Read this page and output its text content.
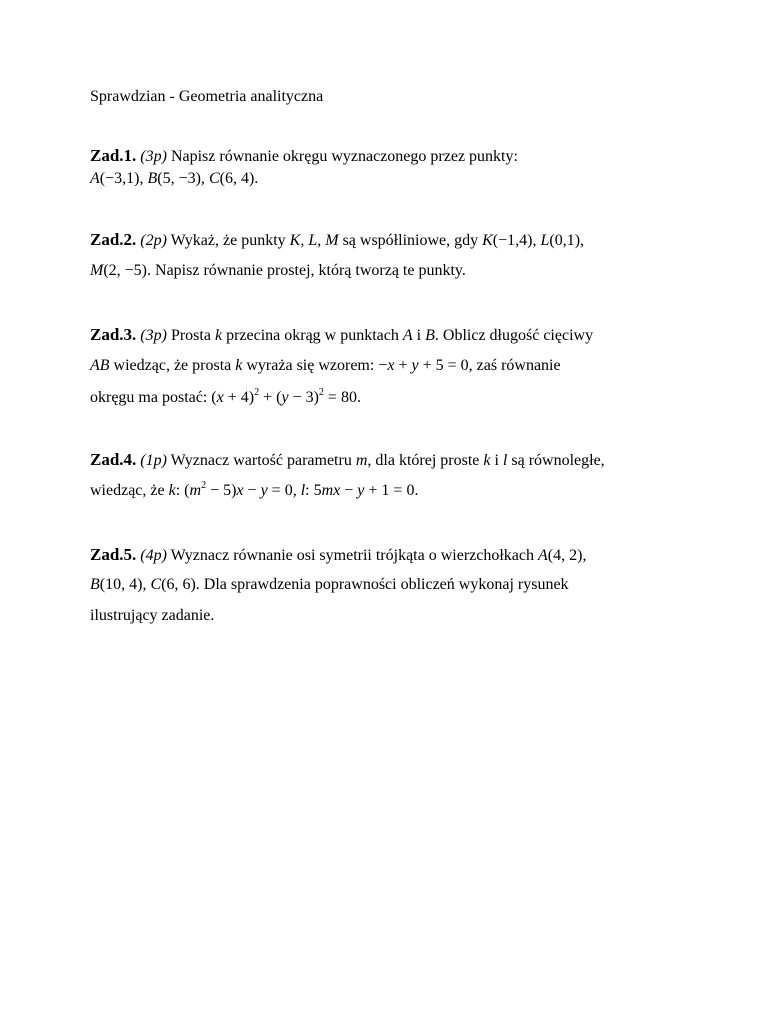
Sprawdzian - Geometria analityczna

Zad.1. (3p) Napisz równanie okręgu wyznaczonego przez punkty:
A(−3,1), B(5, −3), C(6, 4).
Zad.2. (2p) Wykaż, że punkty K, L, M są współliniowe, gdy K(−1,4), L(0,1),
M(2, −5). Napisz równanie prostej, którą tworzą te punkty.
Zad.3. (3p) Prosta k przecina okrąg w punktach A i B. Oblicz długość cięciwy
AB wiedząc, że prosta k wyraża się wzorem: −x + y + 5 = 0, zaś równanie
okręgu ma postać: $(x + 4)^2 + (y - 3)^2 = 80$.
Zad.4. (1p) Wyznacz wartość parametru m, dla której proste k i l są równoległe,
wiedząc, że k: $(m^2 - 5)x - y = 0$, l: 5mx − y + 1 = 0.
Zad.5. (4p) Wyznacz równanie osi symetrii trójkąta o wierzchołkach A(4, 2),
B(10, 4), C(6, 6). Dla sprawdzenia poprawności obliczeń wykonaj rysunek
ilustrujący zadanie.
